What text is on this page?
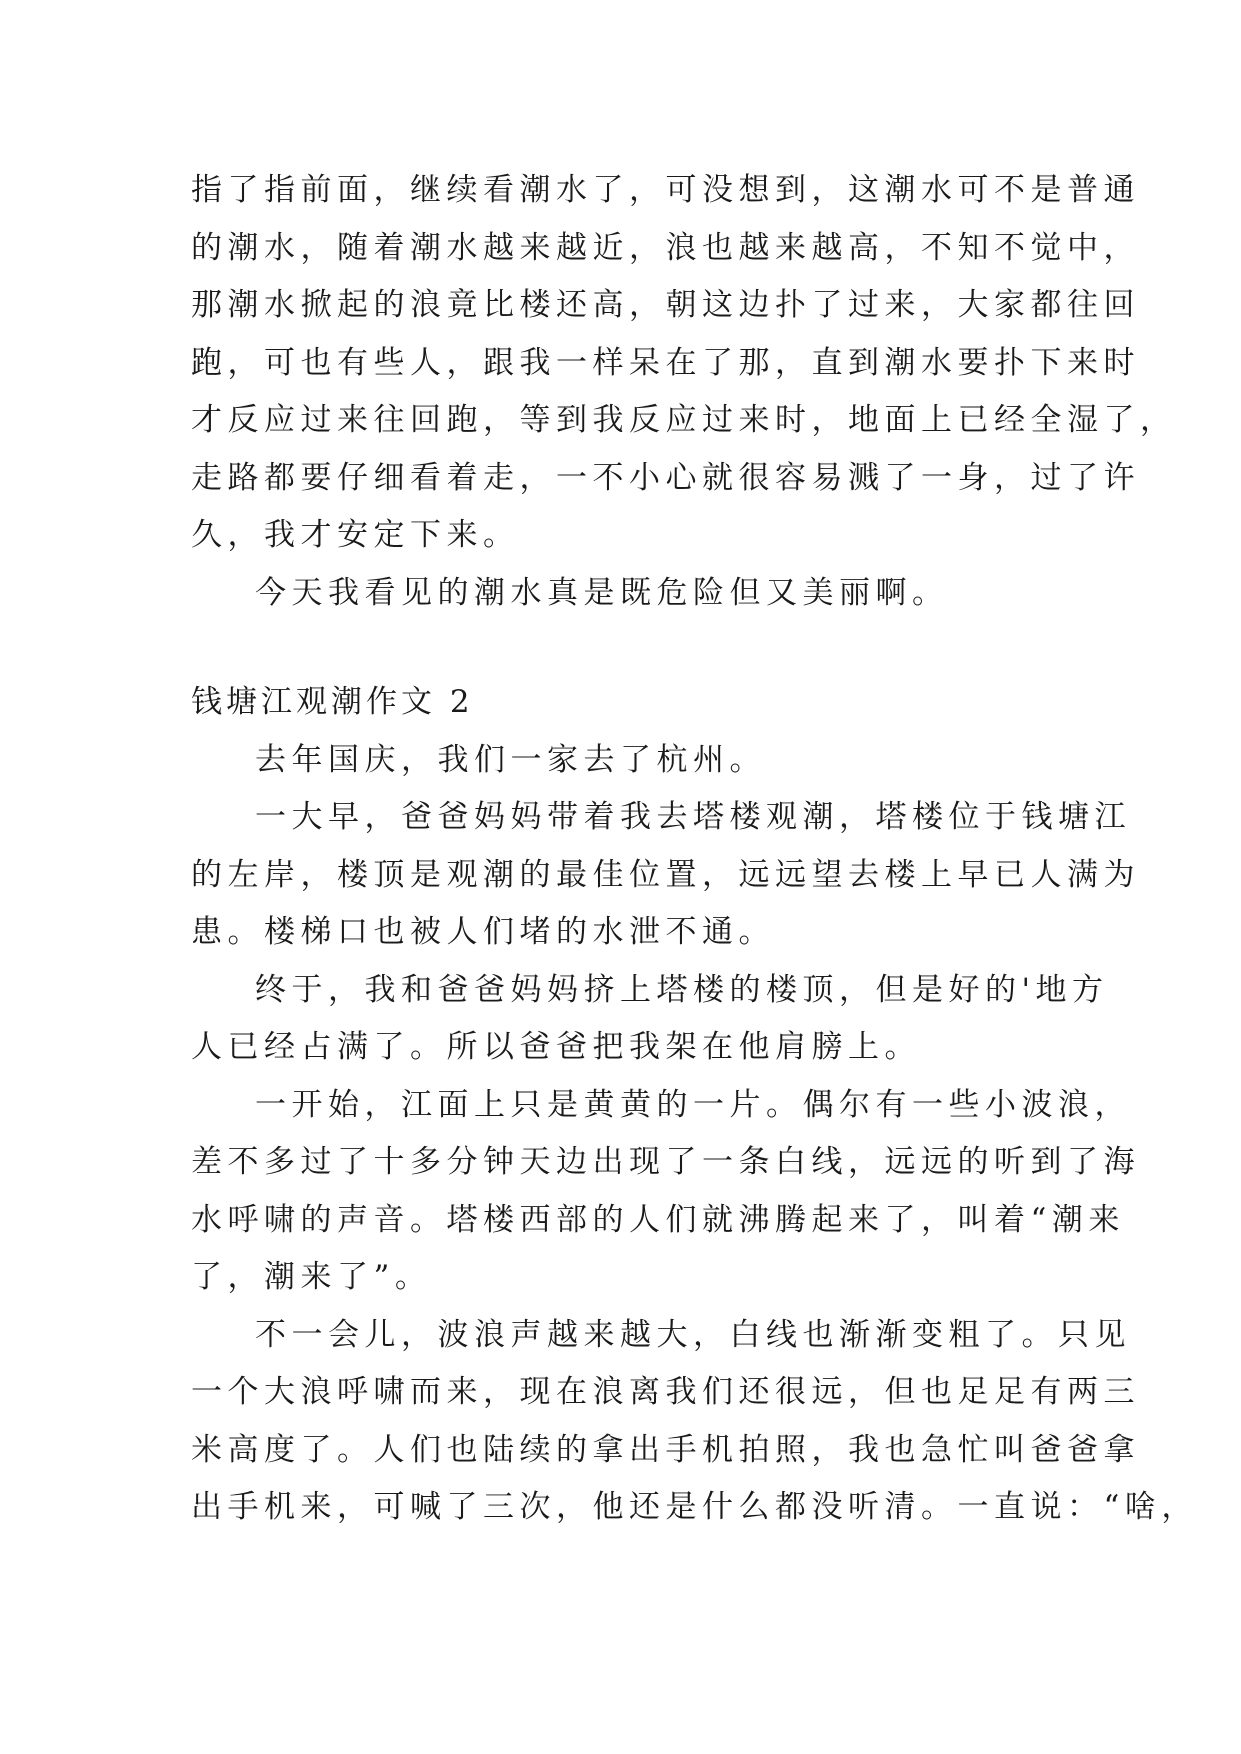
指了指前面，继续看潮水了，可没想到，这潮水可不是普通
的潮水，随着潮水越来越近，浪也越来越高，不知不觉中，
那潮水掀起的浪竟比楼还高，朝这边扑了过来，大家都往回
跑，可也有些人，跟我一样呆在了那，直到潮水要扑下来时
才反应过来往回跑，等到我反应过来时，地面上已经全湿了，
走路都要仔细看着走，一不小心就很容易溅了一身，过了许
久，我才安定下来。
今天我看见的潮水真是既危险但又美丽啊。
钱塘江观潮作文 2
去年国庆，我们一家去了杭州。
一大早，爸爸妈妈带着我去塔楼观潮，塔楼位于钱塘江
的左岸，楼顶是观潮的最佳位置，远远望去楼上早已人满为
患。楼梯口也被人们堵的水泄不通。
终于，我和爸爸妈妈挤上塔楼的楼顶，但是好的'地方
人已经占满了。所以爸爸把我架在他肩膀上。
一开始，江面上只是黄黄的一片。偶尔有一些小波浪，
差不多过了十多分钟天边出现了一条白线，远远的听到了海
水呼啸的声音。塔楼西部的人们就沸腾起来了，叫着“潮来
了，潮来了”。
不一会儿，波浪声越来越大，白线也渐渐变粗了。只见
一个大浪呼啸而来，现在浪离我们还很远，但也足足有两三
米高度了。人们也陆续的拿出手机拍照，我也急忙叫爸爸拿
出手机来，可喊了三次，他还是什么都没听清。一直说：“啥，
